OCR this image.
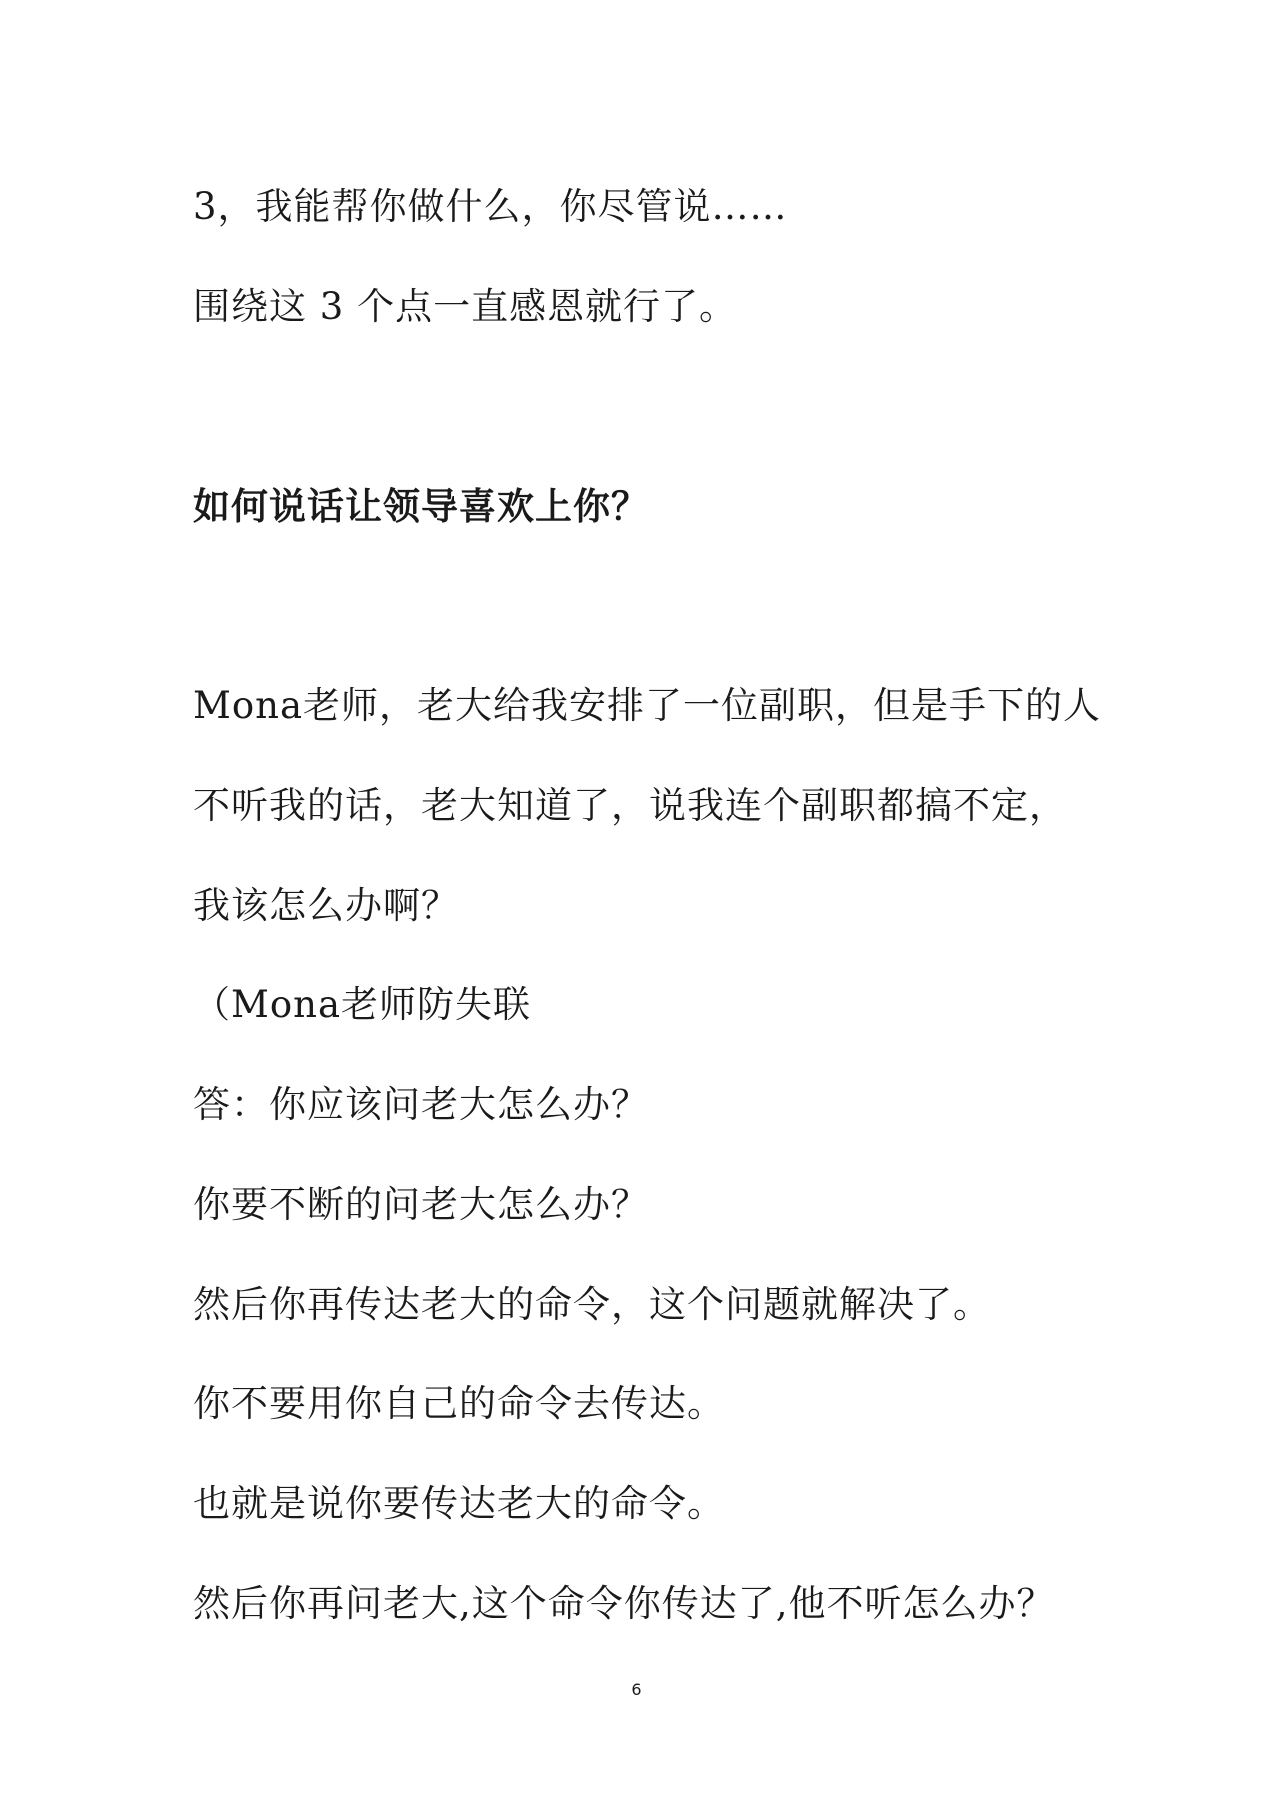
3，我能帮你做什么，你尽管说……
围绕这 3 个点一直感恩就行了。
如何说话让领导喜欢上你？
Mona老师，老大给我安排了一位副职，但是手下的人
不听我的话，老大知道了，说我连个副职都搞不定，
我该怎么办啊？
（Mona老师防失联
答：你应该问老大怎么办？
你要不断的问老大怎么办？
然后你再传达老大的命令，这个问题就解决了。
你不要用你自己的命令去传达。
也就是说你要传达老大的命令。
然后你再问老大,这个命令你传达了,他不听怎么办？
6
